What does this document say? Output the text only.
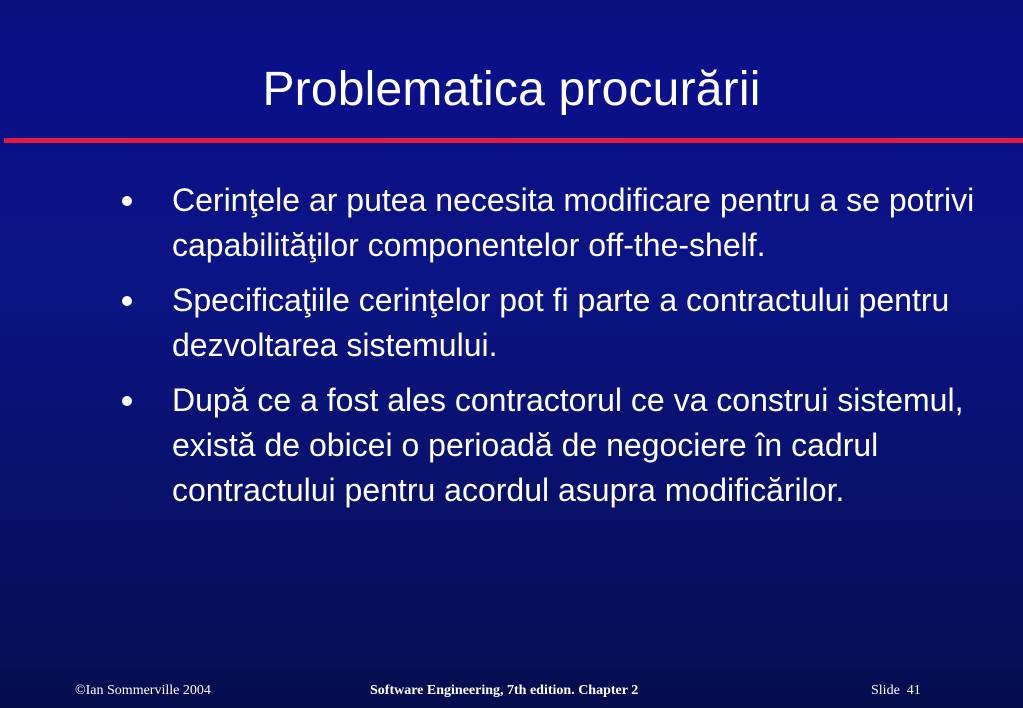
Problematica procurării
Cerinţele ar putea necesita modificare pentru a se potrivi capabilităţilor componentelor off-the-shelf.
Specificaţiile cerinţelor pot fi parte a contractului pentru dezvoltarea sistemului.
După ce a fost ales contractorul ce va construi sistemul, există de obicei o perioadă de negociere în cadrul contractului pentru acordul asupra modificărilor.
©Ian Sommerville 2004	Software Engineering, 7th edition. Chapter 2	Slide  41
